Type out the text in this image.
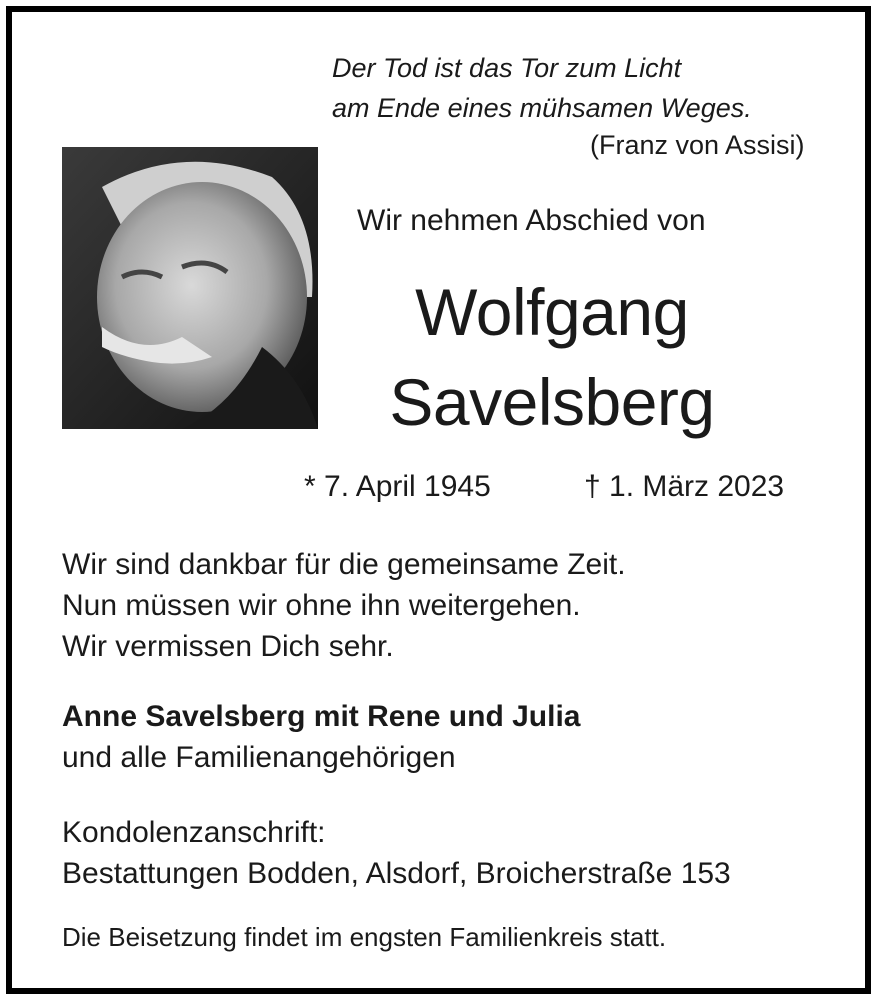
Der Tod ist das Tor zum Licht
am Ende eines mühsamen Weges.
(Franz von Assisi)
Wir nehmen Abschied von
Wolfgang
Savelsberg
* 7. April 1945	† 1. März 2023
Wir sind dankbar für die gemeinsame Zeit.
Nun müssen wir ohne ihn weitergehen.
Wir vermissen Dich sehr.
Anne Savelsberg mit Rene und Julia
und alle Familienangehörigen
Kondolenzanschrift:
Bestattungen Bodden, Alsdorf, Broicherstraße 153
Die Beisetzung findet im engsten Familienkreis statt.
